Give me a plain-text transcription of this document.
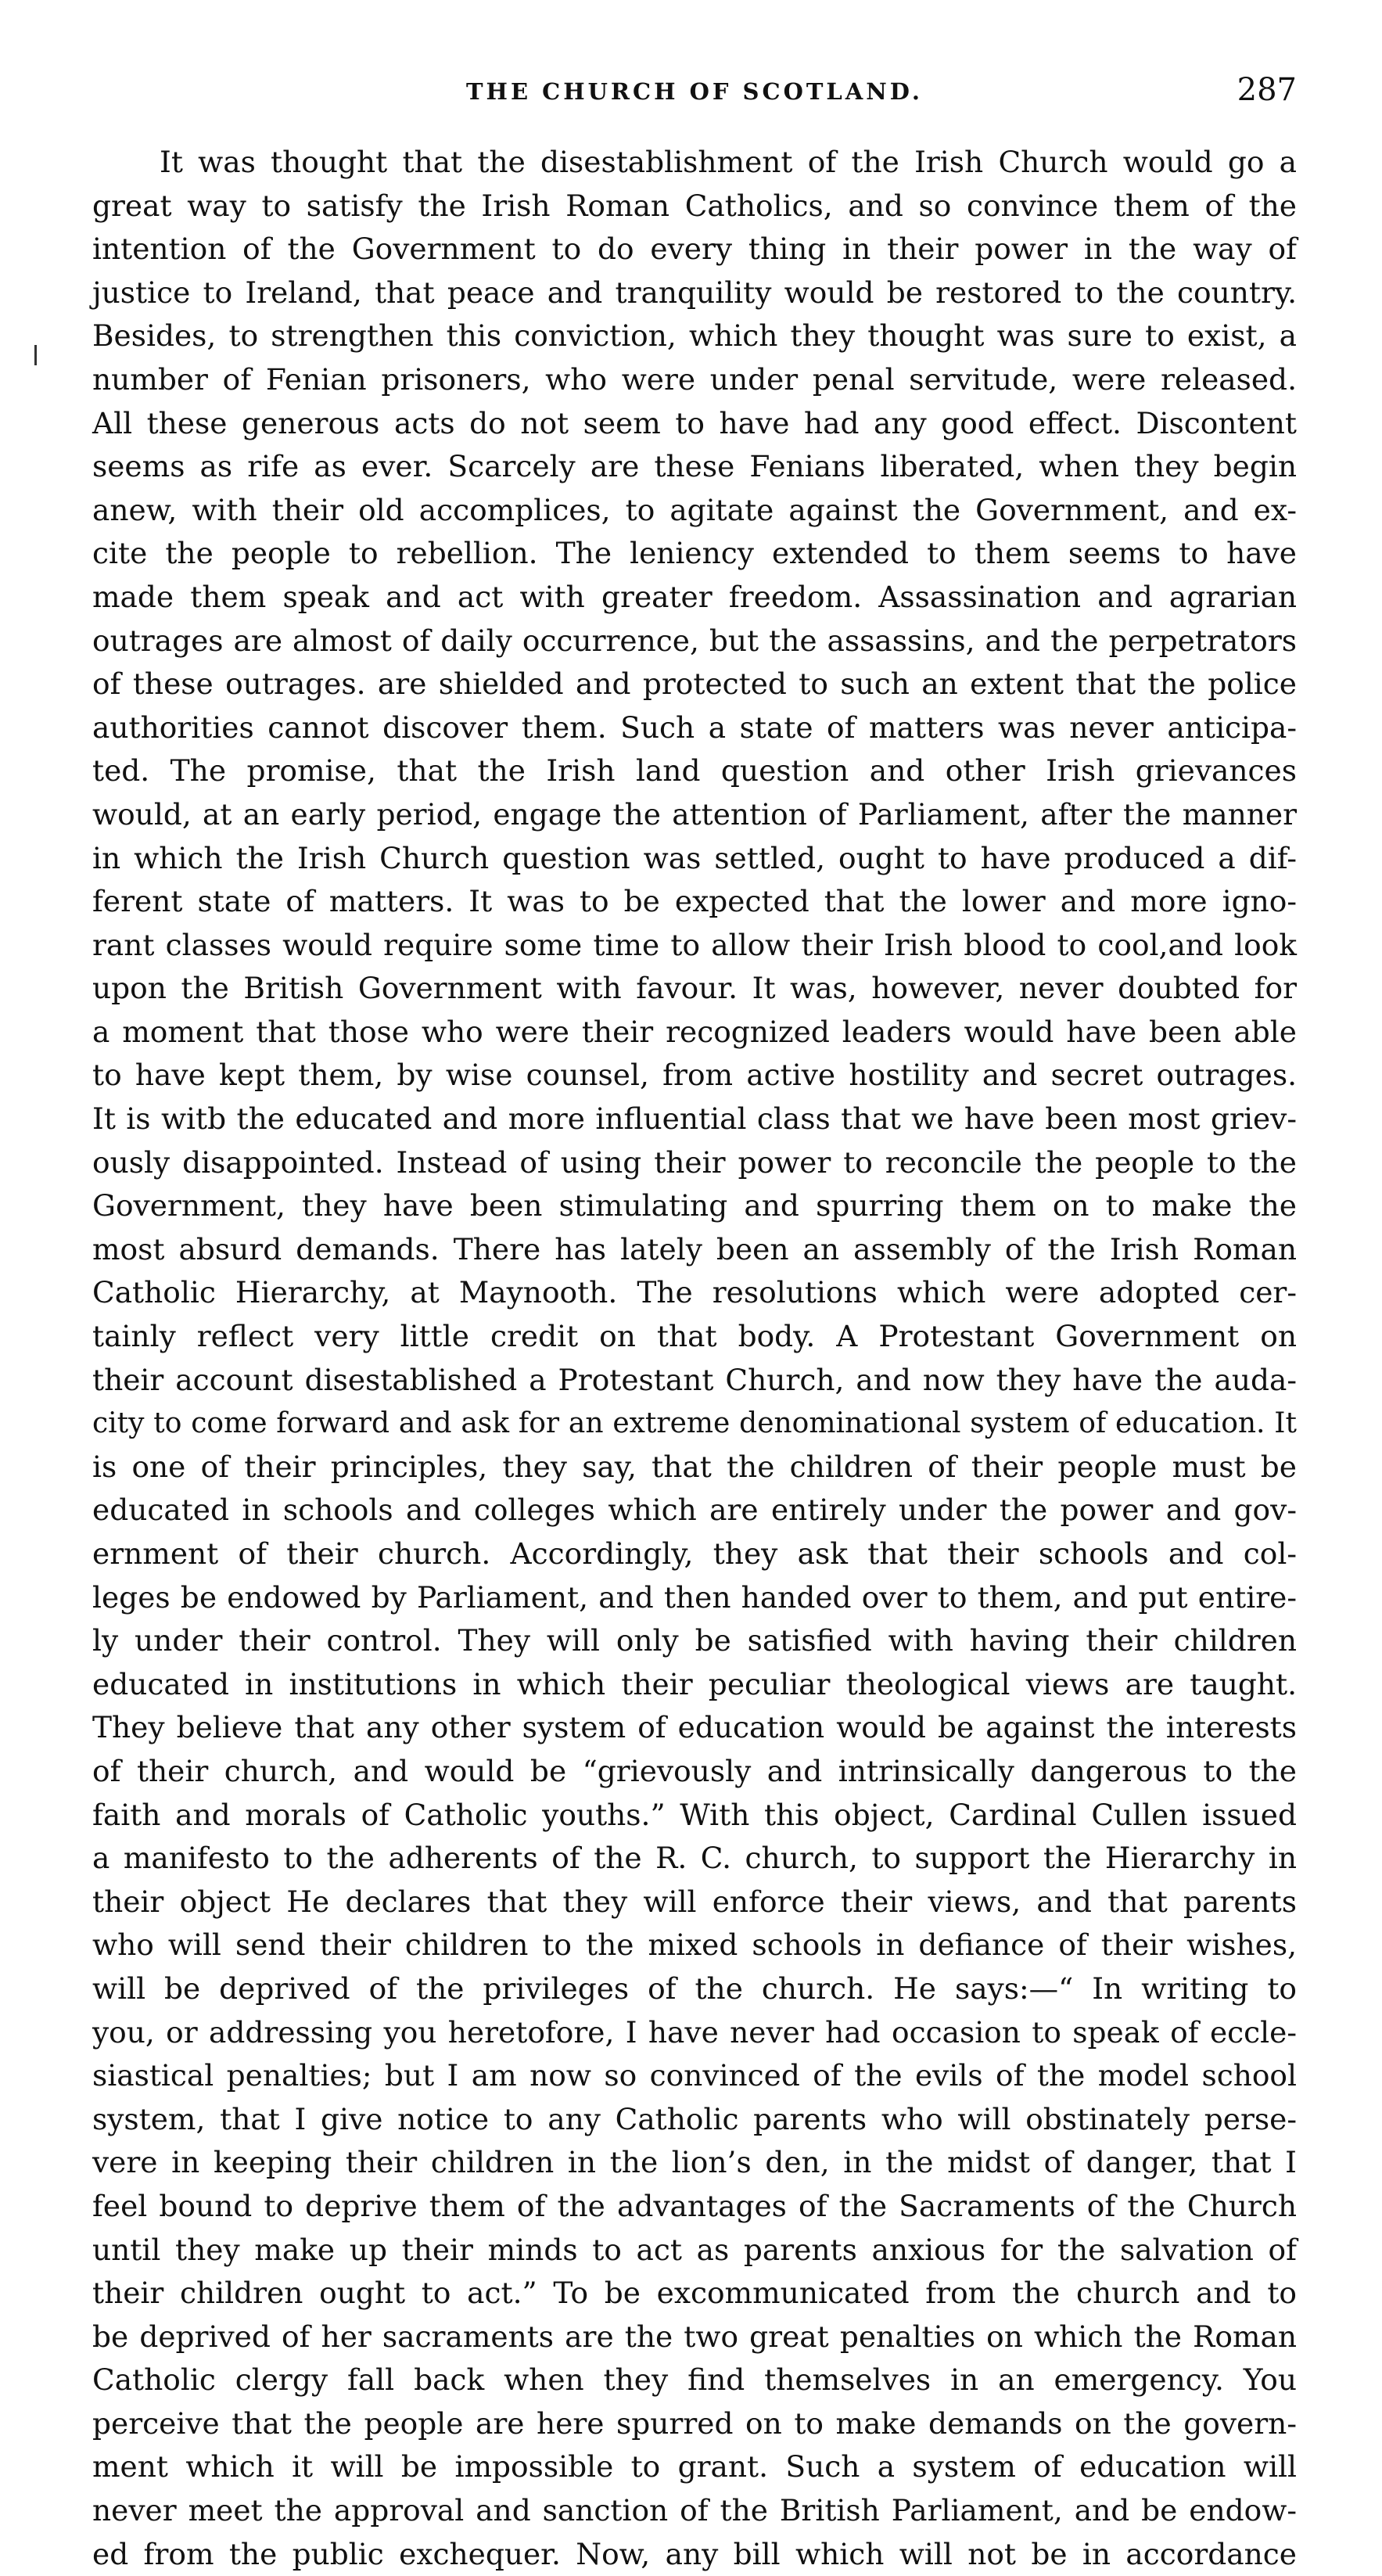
THE CHURCH OF SCOTLAND.	287
It was thought that the disestablishment of the Irish Church would go a
great way to satisfy the Irish Roman Catholics, and so convince them of the
intention of the Government to do every thing in their power in the way of
justice to Ireland, that peace and tranquility would be restored to the country.
Besides, to strengthen this conviction, which they thought was sure to exist, a
number of Fenian prisoners, who were under penal servitude, were released.
All these generous acts do not seem to have had any good effect. Discontent
seems as rife as ever. Scarcely are these Fenians liberated, when they begin
anew, with their old accomplices, to agitate against the Government, and ex-
cite the people to rebellion. The leniency extended to them seems to have
made them speak and act with greater freedom. Assassination and agrarian
outrages are almost of daily occurrence, but the assassins, and the perpetrators
of these outrages. are shielded and protected to such an extent that the police
authorities cannot discover them. Such a state of matters was never anticipa-
ted. The promise, that the Irish land question and other Irish grievances
would, at an early period, engage the attention of Parliament, after the manner
in which the Irish Church question was settled, ought to have produced a dif-
ferent state of matters. It was to be expected that the lower and more igno-
rant classes would require some time to allow their Irish blood to cool,and look
upon the British Government with favour. It was, however, never doubted for
a moment that those who were their recognized leaders would have been able
to have kept them, by wise counsel, from active hostility and secret outrages.
It is witb the educated and more influential class that we have been most griev-
ously disappointed. Instead of using their power to reconcile the people to the
Government, they have been stimulating and spurring them on to make the
most absurd demands. There has lately been an assembly of the Irish Roman
Catholic Hierarchy, at Maynooth. The resolutions which were adopted cer-
tainly reflect very little credit on that body. A Protestant Government on
their account disestablished a Protestant Church, and now they have the auda-
city to come forward and ask for an extreme denominational system of education. It
is one of their principles, they say, that the children of their people must be
educated in schools and colleges which are entirely under the power and gov-
ernment of their church. Accordingly, they ask that their schools and col-
leges be endowed by Parliament, and then handed over to them, and put entire-
ly under their control. They will only be satisfied with having their children
educated in institutions in which their peculiar theological views are taught.
They believe that any other system of education would be against the interests
of their church, and would be “grievously and intrinsically dangerous to the
faith and morals of Catholic youths.” With this object, Cardinal Cullen issued
a manifesto to the adherents of the R. C. church, to support the Hierarchy in
their object He declares that they will enforce their views, and that parents
who will send their children to the mixed schools in defiance of their wishes,
will be deprived of the privileges of the church. He says:—“ In writing to
you, or addressing you heretofore, I have never had occasion to speak of eccle-
siastical penalties; but I am now so convinced of the evils of the model school
system, that I give notice to any Catholic parents who will obstinately perse-
vere in keeping their children in the lion’s den, in the midst of danger, that I
feel bound to deprive them of the advantages of the Sacraments of the Church
until they make up their minds to act as parents anxious for the salvation of
their children ought to act.” To be excommunicated from the church and to
be deprived of her sacraments are the two great penalties on which the Roman
Catholic clergy fall back when they find themselves in an emergency. You
perceive that the people are here spurred on to make demands on the govern-
ment which it will be impossible to grant. Such a system of education will
never meet the approval and sanction of the British Parliament, and be endow-
ed from the public exchequer. Now, any bill which will not be in accordance
